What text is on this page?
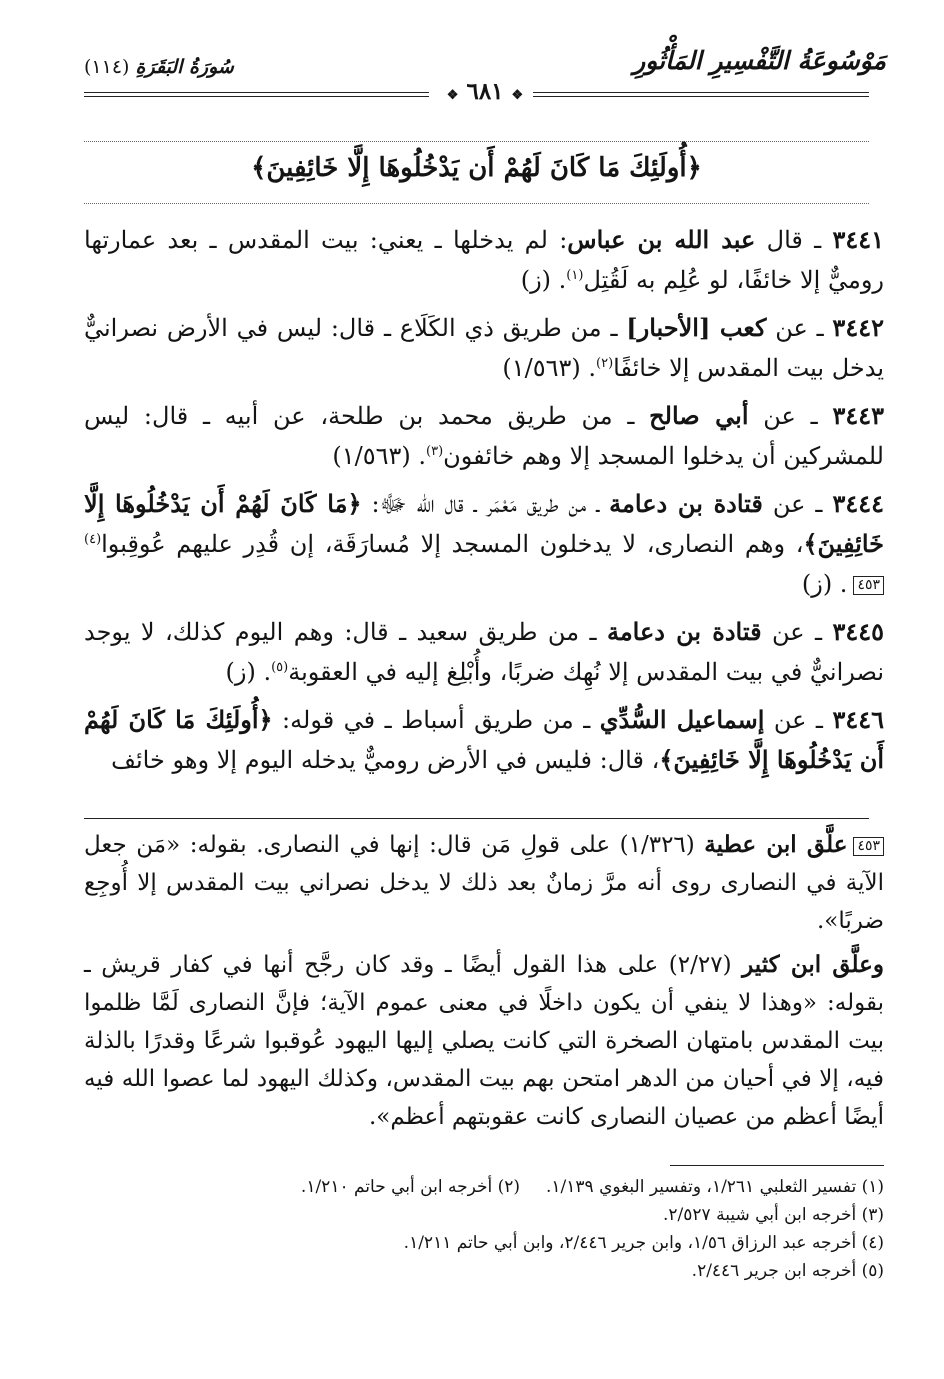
مَوْسُوعَةُ التَّفْسِيرِ المَأْثُورِ
سُورَةُ البَقَرَةِ (١١٤)
❖ ٦٨١ ❖
﴿أُولَئِكَ مَا كَانَ لَهُمْ أَن يَدْخُلُوهَا إِلَّا خَائِفِينَ﴾

٣٤٤١ ـ قال عبد الله بن عباس: لم يدخلها ـ يعني: بيت المقدس ـ بعد عمارتها روميٌّ إلا خائفًا، لو عُلِم به لَقُتِل$^{(١)}$. (ز)

٣٤٤٢ ـ عن كعب [الأحبار] ـ من طريق ذي الكَلَاع ـ قال: ليس في الأرض نصرانيٌّ يدخل بيت المقدس إلا خائفًا$^{(٢)}$. (١/٥٦٣)

٣٤٤٣ ـ عن أبي صالح ـ من طريق محمد بن طلحة، عن أبيه ـ قال: ليس للمشركين أن يدخلوا المسجد إلا وهم خائفون$^{(٣)}$. (١/٥٦٣)

٣٤٤٤ ـ عن قتادة بن دعامة ـ من طريق مَعْمَر ـ قال الله ﷻ: ﴿مَا كَانَ لَهُمْ أَن يَدْخُلُوهَا إِلَّا خَائِفِينَ﴾، وهم النصارى، لا يدخلون المسجد إلا مُسارَقَة، إن قُدِر عليهم عُوقِبوا$^{(٤)}$٤٥٣. (ز)

٣٤٤٥ ـ عن قتادة بن دعامة ـ من طريق سعيد ـ قال: وهم اليوم كذلك، لا يوجد نصرانيٌّ في بيت المقدس إلا نُهِك ضربًا، وأُبْلِغ إليه في العقوبة$^{(٥)}$. (ز)

٣٤٤٦ ـ عن إسماعيل السُّدِّي ـ من طريق أسباط ـ في قوله: ﴿أُولَئِكَ مَا كَانَ لَهُمْ أَن يَدْخُلُوهَا إِلَّا خَائِفِينَ﴾، قال: فليس في الأرض روميٌّ يدخله اليوم إلا وهو خائف

٤٥٣علَّق ابن عطية (١/٣٢٦) على قولِ مَن قال: إنها في النصارى. بقوله: «مَن جعل الآية في النصارى روى أنه مرَّ زمانٌ بعد ذلك لا يدخل نصراني بيت المقدس إلا أُوجِع ضربًا».

وعلَّق ابن كثير (٢/٢٧) على هذا القول أيضًا ـ وقد كان رجَّح أنها في كفار قريش ـ بقوله: «وهذا لا ينفي أن يكون داخلًا في معنى عموم الآية؛ فإنَّ النصارى لَمَّا ظلموا بيت المقدس بامتهان الصخرة التي كانت يصلي إليها اليهود عُوقبوا شرعًا وقدرًا بالذلة فيه، إلا في أحيان من الدهر امتحن بهم بيت المقدس، وكذلك اليهود لما عصوا الله فيه أيضًا أعظم من عصيان النصارى كانت عقوبتهم أعظم».

(١) تفسير الثعلبي ١/٢٦١، وتفسير البغوي ١/١٣٩.(٢) أخرجه ابن أبي حاتم ١/٢١٠.
(٣) أخرجه ابن أبي شيبة ٢/٥٢٧.
(٤) أخرجه عبد الرزاق ١/٥٦، وابن جرير ٢/٤٤٦، وابن أبي حاتم ١/٢١١.
(٥) أخرجه ابن جرير ٢/٤٤٦.
